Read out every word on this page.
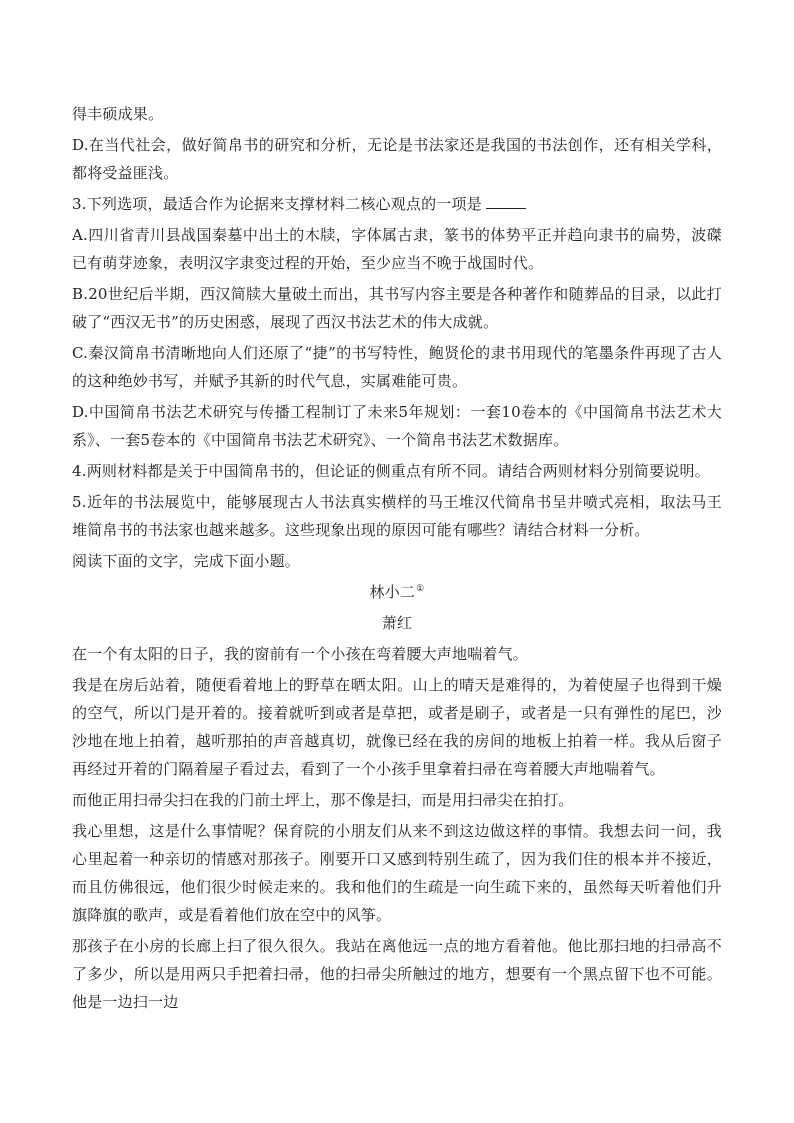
得丰硕成果。

D.在当代社会，做好简帛书的研究和分析，无论是书法家还是我国的书法创作，还有相关学科，都将受益匪浅。

3.下列选项，最适合作为论据来支撑材料二核心观点的一项是

A.四川省青川县战国秦墓中出土的木牍，字体属古隶，篆书的体势平正并趋向隶书的扁势，波磔已有萌芽迹象，表明汉字隶变过程的开始，至少应当不晚于战国时代。

B.20世纪后半期，西汉简牍大量破土而出，其书写内容主要是各种著作和随葬品的目录，以此打破了“西汉无书”的历史困惑，展现了西汉书法艺术的伟大成就。

C.秦汉简帛书清晰地向人们还原了“捷”的书写特性，鲍贤伦的隶书用现代的笔墨条件再现了古人的这种绝妙书写，并赋予其新的时代气息，实属难能可贵。

D.中国简帛书法艺术研究与传播工程制订了未来5年规划：一套10卷本的《中国简帛书法艺术大系》、一套5卷本的《中国简帛书法艺术研究》、一个简帛书法艺术数据库。

4.两则材料都是关于中国简帛书的，但论证的侧重点有所不同。请结合两则材料分别简要说明。

5.近年的书法展览中，能够展现古人书法真实横样的马王堆汉代简帛书呈井喷式亮相，取法马王堆简帛书的书法家也越来越多。这些现象出现的原因可能有哪些？请结合材料一分析。

阅读下面的文字，完成下面小题。

林小二①

萧红

在一个有太阳的日子，我的窗前有一个小孩在弯着腰大声地喘着气。

我是在房后站着，随便看着地上的野草在晒太阳。山上的晴天是难得的，为着使屋子也得到干燥的空气，所以门是开着的。接着就听到或者是草把，或者是刷子，或者是一只有弹性的尾巴，沙沙地在地上拍着，越听那拍的声音越真切，就像已经在我的房间的地板上拍着一样。我从后窗子再经过开着的门隔着屋子看过去，看到了一个小孩手里拿着扫帚在弯着腰大声地喘着气。

而他正用扫帚尖扫在我的门前土坪上，那不像是扫，而是用扫帚尖在拍打。

我心里想，这是什么事情呢？保育院的小朋友们从来不到这边做这样的事情。我想去问一问，我心里起着一种亲切的情感对那孩子。刚要开口又感到特别生疏了，因为我们住的根本并不接近，而且仿佛很远，他们很少时候走来的。我和他们的生疏是一向生疏下来的，虽然每天听着他们升旗降旗的歌声，或是看着他们放在空中的风筝。

那孩子在小房的长廊上扫了很久很久。我站在离他远一点的地方看着他。他比那扫地的扫帚高不了多少，所以是用两只手把着扫帚，他的扫帚尖所触过的地方，想要有一个黑点留下也不可能。他是一边扫一边
